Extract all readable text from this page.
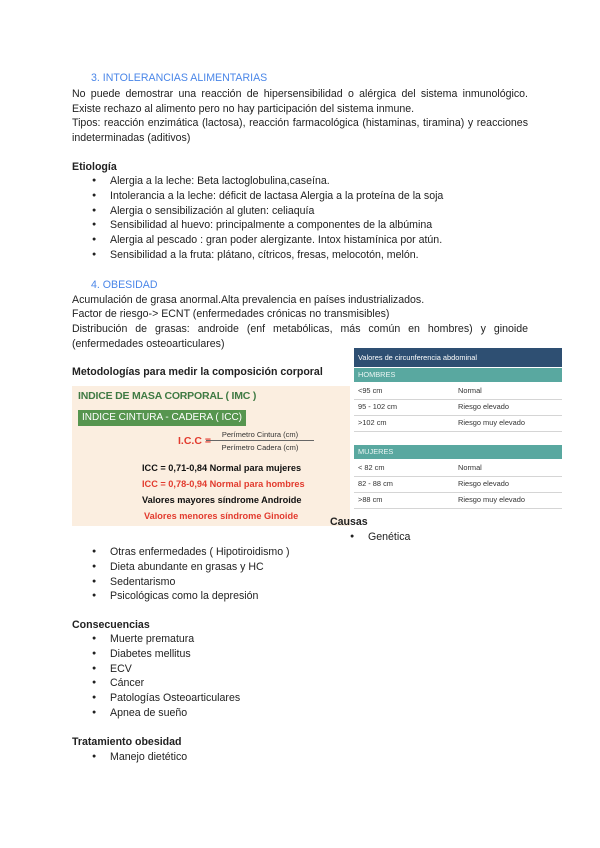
3. INTOLERANCIAS ALIMENTARIAS
No puede demostrar una reacción de hipersensibilidad o alérgica del sistema inmunológico. Existe rechazo al alimento pero no hay participación del sistema inmune.
Tipos: reacción enzimática (lactosa), reacción farmacológica (histaminas, tiramina) y reacciones indeterminadas (aditivos)
Etiología
● Alergia a la leche: Beta lactoglobulina,caseína.
● Intolerancia a la leche: déficit de lactasa Alergia a la proteína de la soja
● Alergia o sensibilización al gluten: celiaquía
● Sensibilidad al huevo: principalmente a componentes de la albúmina
● Alergia al pescado : gran poder alergizante. Intox histamínica por atún.
● Sensibilidad a la fruta: plátano, cítricos, fresas, melocotón, melón.
4. OBESIDAD
Acumulación de grasa anormal.Alta prevalencia en países industrializados.
Factor de riesgo-> ECNT (enfermedades crónicas no transmisibles)
Distribución de grasas: androide (enf metabólicas, más común en hombres) y ginoide (enfermedades osteoarticulares)
Metodologías para medir la composición corporal
INDICE DE MASA CORPORAL ( IMC )
INDICE CINTURA - CADERA ( ICC)
I.C.C =
Perímetro Cintura (cm)
Perímetro Cadera (cm)
ICC = 0,71-0,84 Normal para mujeres
ICC = 0,78-0,94 Normal para hombres
Valores mayores síndrome Androide
Valores menores síndrome Ginoide
Valores de circunferencia abdominal
HOMBRES
<95 cm	Normal
95 - 102 cm	Riesgo elevado
>102 cm	Riesgo muy elevado
MUJERES
< 82 cm	Normal
82 - 88 cm	Riesgo elevado
>88 cm	Riesgo muy elevado
Causas
● Genética
● Otras enfermedades ( Hipotiroidismo )
● Dieta abundante en grasas y HC
● Sedentarismo
● Psicológicas como la depresión
Consecuencias
● Muerte prematura
● Diabetes mellitus
● ECV
● Cáncer
● Patologías Osteoarticulares
● Apnea de sueño
Tratamiento obesidad
● Manejo dietético
